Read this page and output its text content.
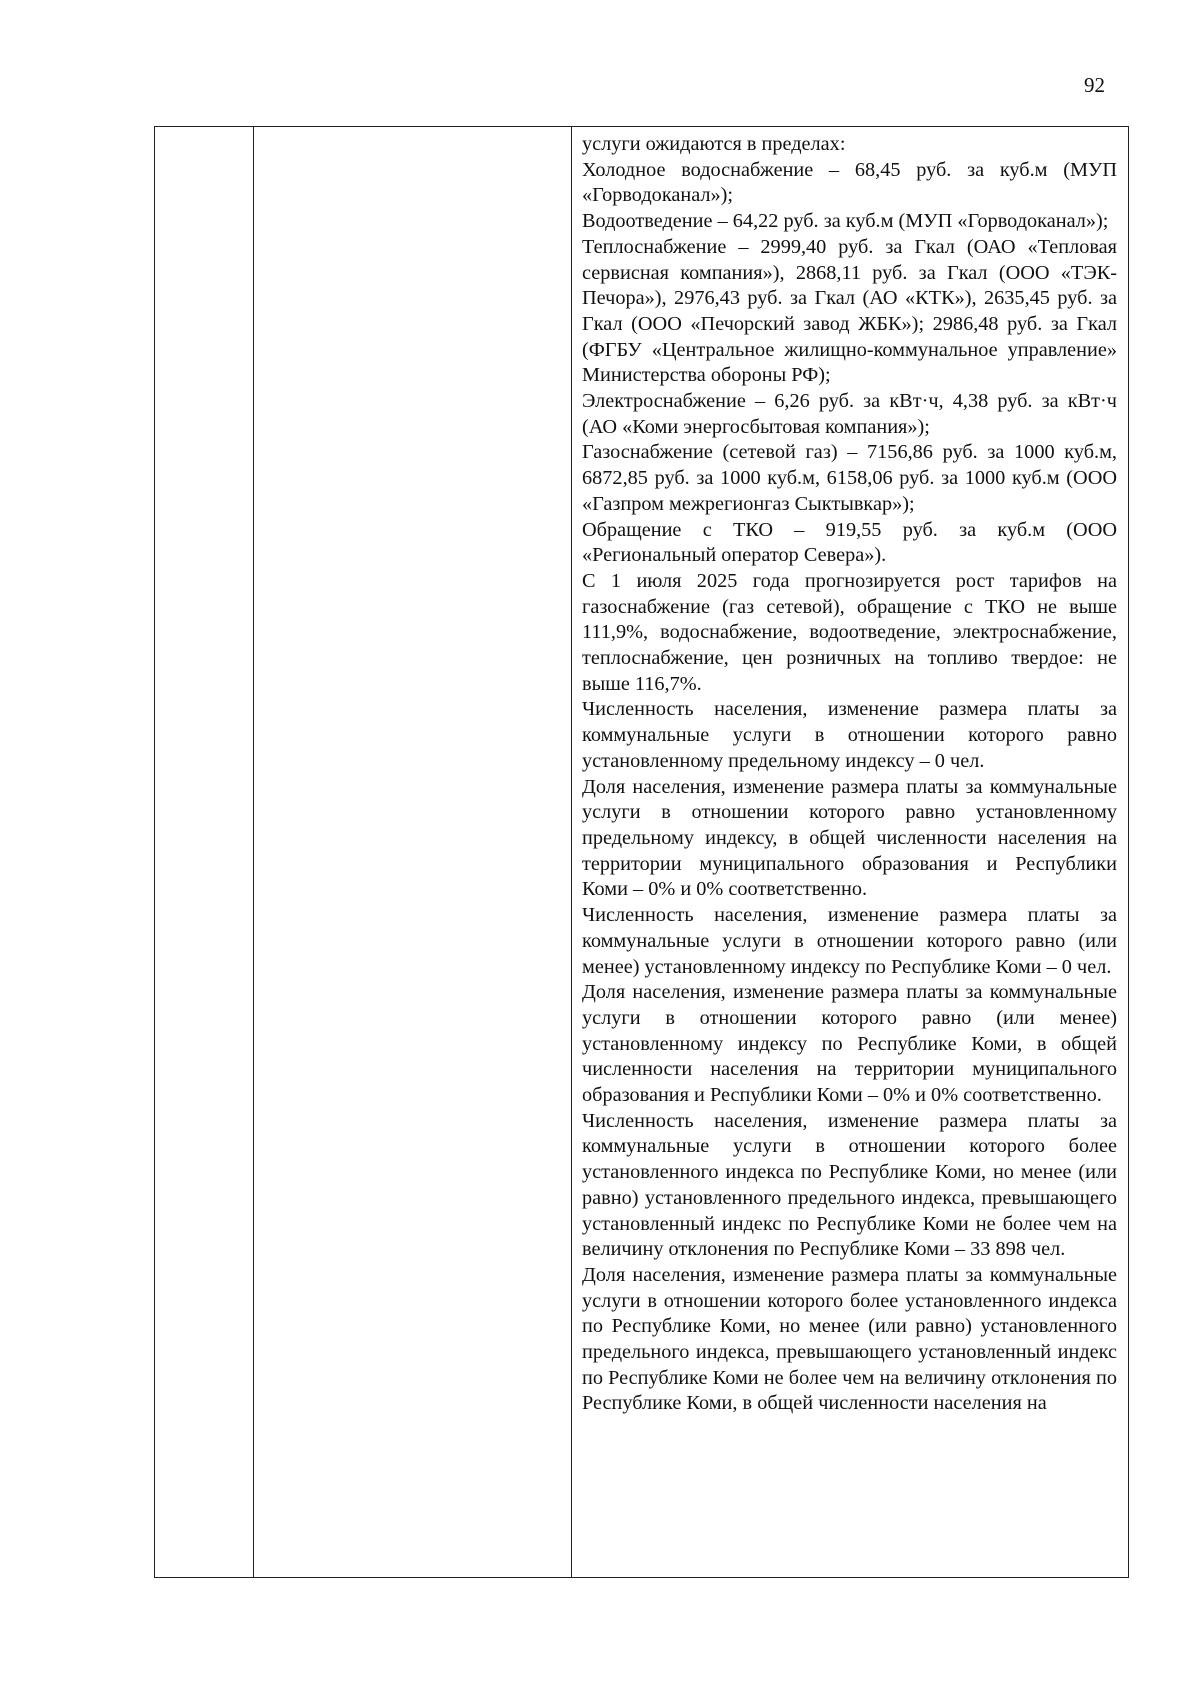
92

услуги ожидаются в пределах:

Холодное водоснабжение – 68,45 руб. за куб.м (МУП «Горводоканал»);

Водоотведение – 64,22 руб. за куб.м (МУП «Горводоканал»);

Теплоснабжение – 2999,40 руб. за Гкал (ОАО «Тепловая сервисная компания»), 2868,11 руб. за Гкал (ООО «ТЭК-Печора»), 2976,43 руб. за Гкал (АО «КТК»), 2635,45 руб. за Гкал (ООО «Печорский завод ЖБК»); 2986,48 руб. за Гкал (ФГБУ «Центральное жилищно-коммунальное управление» Министерства обороны РФ);

Электроснабжение – 6,26 руб. за кВт·ч, 4,38 руб. за кВт·ч (АО «Коми энергосбытовая компания»);

Газоснабжение (сетевой газ) – 7156,86 руб. за 1000 куб.м, 6872,85 руб. за 1000 куб.м, 6158,06 руб. за 1000 куб.м (ООО «Газпром межрегионгаз Сыктывкар»);

Обращение с ТКО – 919,55 руб. за куб.м (ООО «Региональный оператор Севера»).

С 1 июля 2025 года прогнозируется рост тарифов на газоснабжение (газ сетевой), обращение с ТКО не выше 111,9%, водоснабжение, водоотведение, электроснабжение, теплоснабжение, цен розничных на топливо твердое: не выше 116,7%.

Численность населения, изменение размера платы за коммунальные услуги в отношении которого равно установленному предельному индексу – 0 чел.

Доля населения, изменение размера платы за коммунальные услуги в отношении которого равно установленному предельному индексу, в общей численности населения на территории муниципального образования и Республики Коми – 0% и 0% соответственно.

Численность населения, изменение размера платы за коммунальные услуги в отношении которого равно (или менее) установленному индексу по Республике Коми – 0 чел.

Доля населения, изменение размера платы за коммунальные услуги в отношении которого равно (или менее) установленному индексу по Республике Коми, в общей численности населения на территории муниципального образования и Республики Коми – 0% и 0% соответственно.

Численность населения, изменение размера платы за коммунальные услуги в отношении которого более установленного индекса по Республике Коми, но менее (или равно) установленного предельного индекса, превышающего установленный индекс по Республике Коми не более чем на величину отклонения по Республике Коми – 33 898 чел.

Доля населения, изменение размера платы за коммунальные услуги в отношении которого более установленного индекса по Республике Коми, но менее (или равно) установленного предельного индекса, превышающего установленный индекс по Республике Коми не более чем на величину отклонения по Республике Коми, в общей численности населения на
